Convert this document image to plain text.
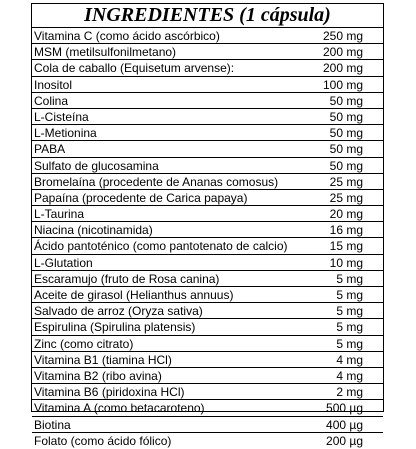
INGREDIENTES (1 cápsula)
Vitamina C (como ácido ascórbico)	250 mg
MSM (metilsulfonilmetano)	200 mg
Cola de caballo (Equisetum arvense):	200 mg
Inositol	100 mg
Colina	50 mg
L-Cisteína	50 mg
L-Metionina	50 mg
PABA	50 mg
Sulfato de glucosamina	50 mg
Bromelaína (procedente de Ananas comosus)	25 mg
Papaína (procedente de Carica papaya)	25 mg
L-Taurina	20 mg
Niacina (nicotinamida)	16 mg
Ácido pantoténico (como pantotenato de calcio)	15 mg
L-Glutation	10 mg
Escaramujo (fruto de Rosa canina)	5 mg
Aceite de girasol (Helianthus annuus)	5 mg
Salvado de arroz (Oryza sativa)	5 mg
Espirulina (Spirulina platensis)	5 mg
Zinc (como citrato)	5 mg
Vitamina B1 (tiamina HCl)	4 mg
Vitamina B2 (ribo avina)	4 mg
Vitamina B6 (piridoxina HCl)	2 mg
Vitamina A (como betacaroteno)	500 µg
Biotina	400 µg
Folato (como ácido fólico)	200 µg
